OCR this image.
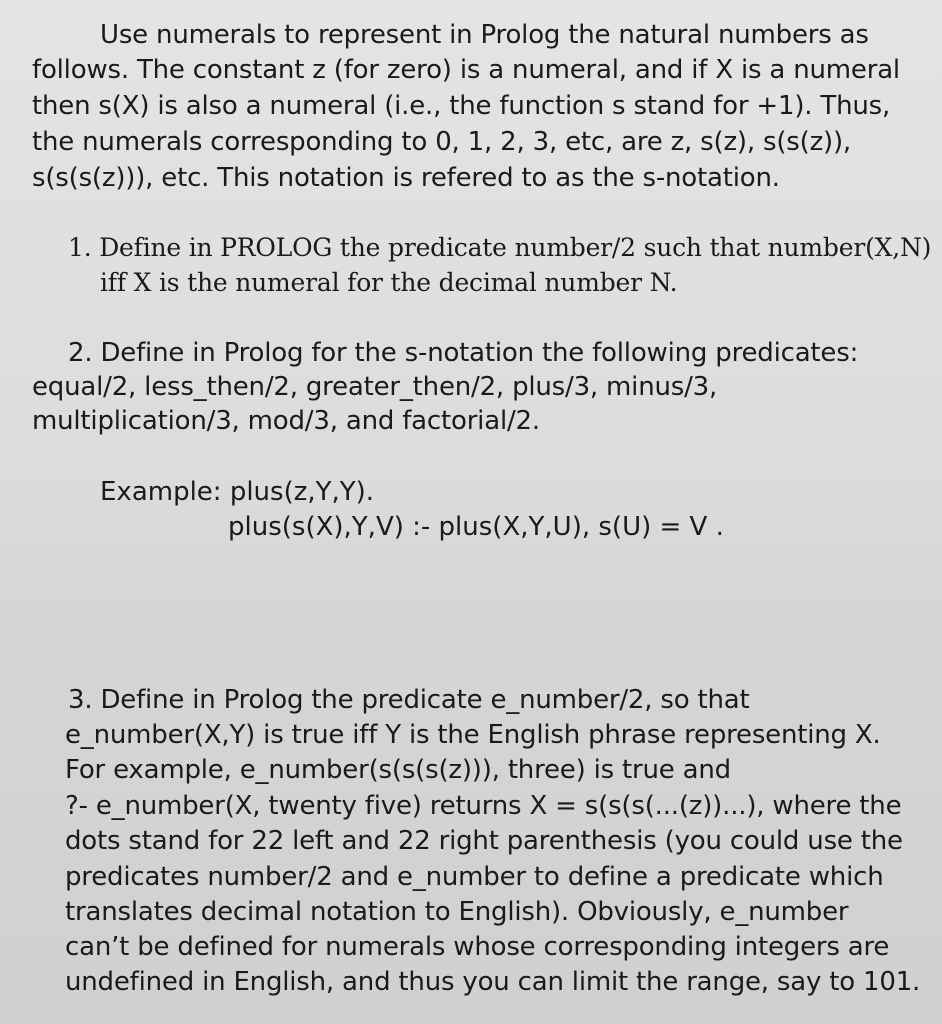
Use numerals to represent in Prolog the natural numbers as
follows. The constant z (for zero) is a numeral, and if X is a numeral
then s(X) is also a numeral (i.e., the function s stand for +1). Thus,
the numerals corresponding to 0, 1, 2, 3, etc, are z, s(z), s(s(z)),
s(s(s(z))), etc. This notation is refered to as the s-notation.
1. Define in PROLOG the predicate number/2 such that number(X,N)
iff X is the numeral for the decimal number N.
2. Define in Prolog for the s-notation the following predicates:
equal/2, less_then/2, greater_then/2, plus/3, minus/3,
multiplication/3, mod/3, and factorial/2.
Example: plus(z,Y,Y).
plus(s(X),Y,V) :- plus(X,Y,U), s(U) = V .
3. Define in Prolog the predicate e_number/2, so that
e_number(X,Y) is true iff Y is the English phrase representing X.
For example, e_number(s(s(s(z))), three) is true and
?- e_number(X, twenty five) returns X = s(s(s(...(z))...), where the
dots stand for 22 left and 22 right parenthesis (you could use the
predicates number/2 and e_number to define a predicate which
translates decimal notation to English). Obviously, e_number
can’t be defined for numerals whose corresponding integers are
undefined in English, and thus you can limit the range, say to 101.
